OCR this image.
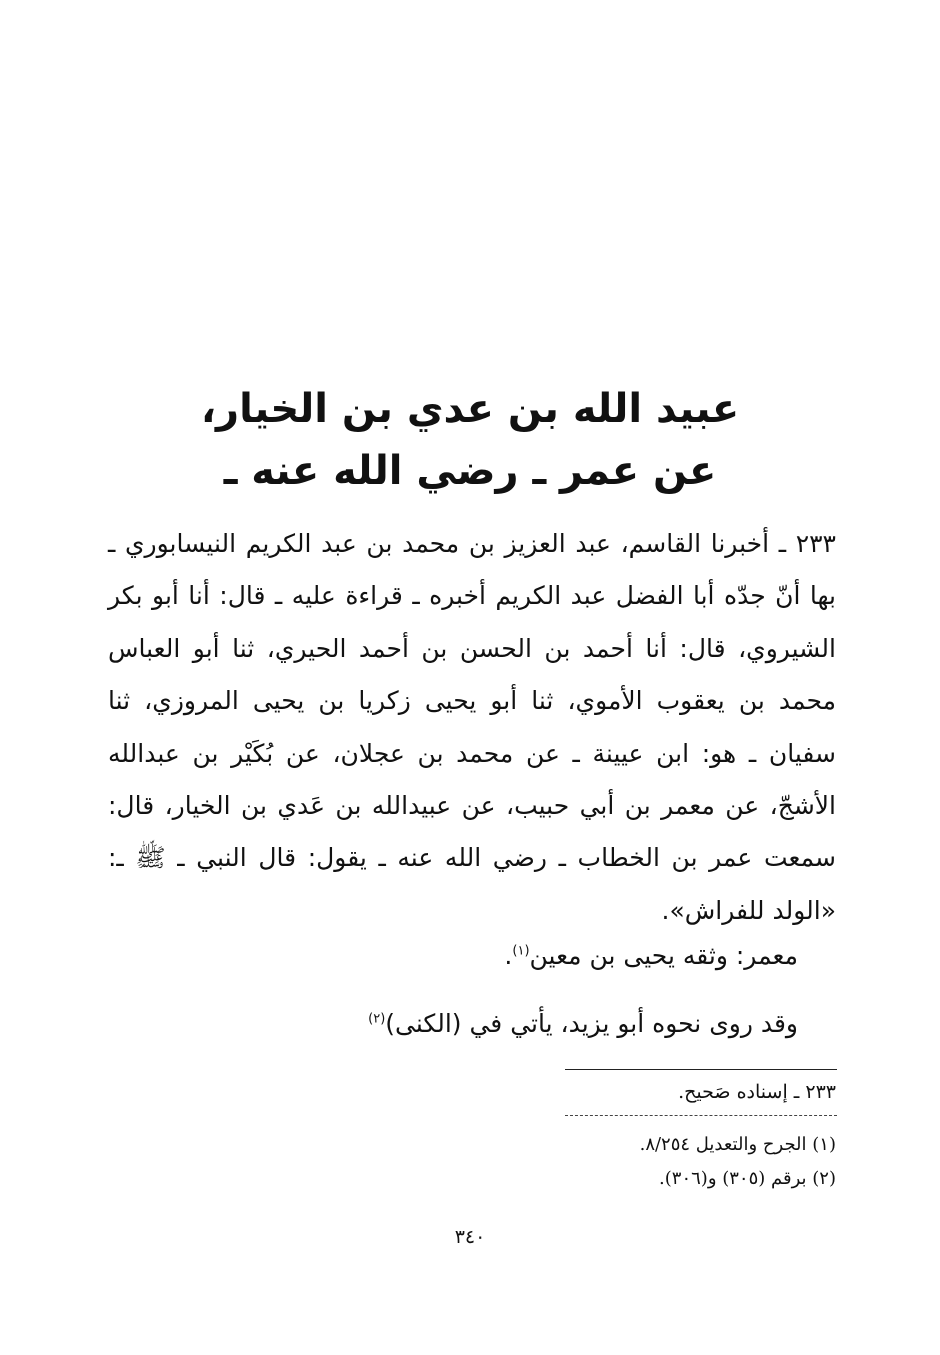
عبيد الله بن عدي بن الخيار،
عن عمر ـ رضي الله عنه ـ
٢٣٣ ـ أخبرنا القاسم، عبد العزيز بن محمد بن عبد الكريم النيسابوري ـ بها أنّ جدّه أبا الفضل عبد الكريم أخبره ـ قراءة عليه ـ قال: أنا أبو بكر الشيروي، قال: أنا أحمد بن الحسن بن أحمد الحيري، ثنا أبو العباس محمد بن يعقوب الأموي، ثنا أبو يحيى زكريا بن يحيى المروزي، ثنا سفيان ـ هو: ابن عيينة ـ عن محمد بن عجلان، عن بُكَيْر بن عبدالله الأشجّ، عن معمر بن أبي حبيب، عن عبيدالله بن عَدي بن الخيار، قال: سمعت عمر بن الخطاب ـ رضي الله عنه ـ يقول: قال النبي ـ ﷺ ـ: «الولد للفراش».
معمر: وثقه يحيى بن معين$^{(١)}$.
وقد روى نحوه أبو يزيد، يأتي في (الكنى)$^{(٢)}$
٢٣٣ ـ إسناده صَحيح.
(١) الجرح والتعديل ٨/٢٥٤.
(٢) برقم (٣٠٥) و(٣٠٦).
٣٤٠
